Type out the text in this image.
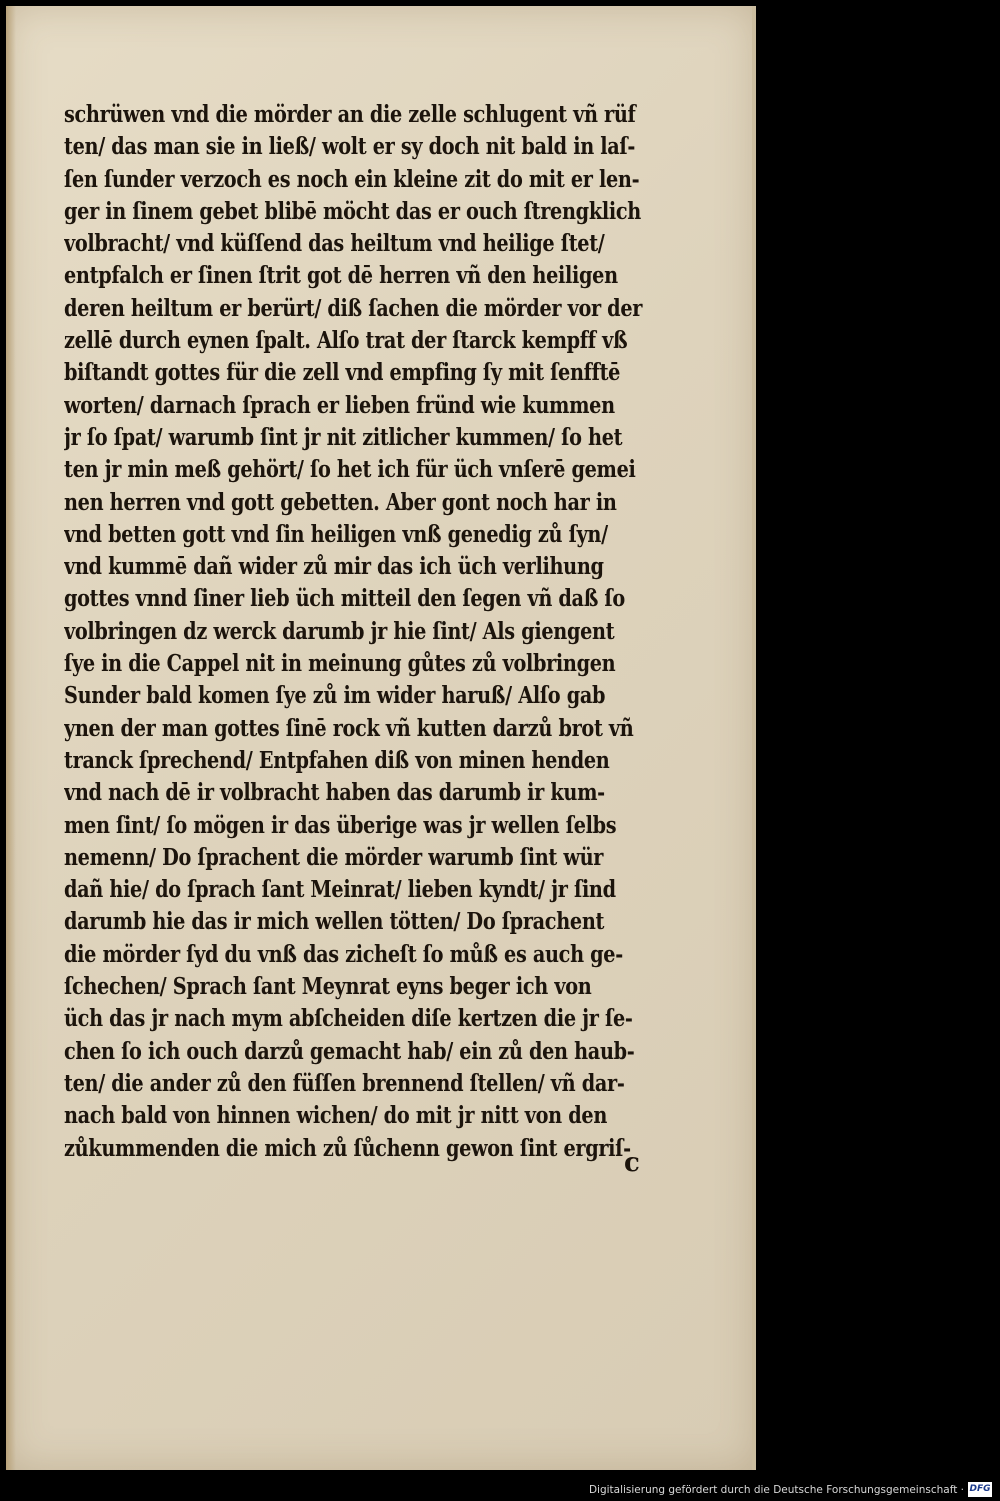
schrüwen vnd die mörder an die zelle schlugent vñ rüf
ten/ das man sie in ließ/ wolt er sy doch nit bald in laſ-
ſen ſunder verzoch es noch ein kleine zit do mit er len-
ger in ſinem gebet blibē möcht das er ouch ſtrengklich
volbracht/ vnd küſſend das heiltum vnd heilige ſtet/
entpfalch er ſinen ſtrit got dē herren vñ den heiligen
deren heiltum er berürt/ diß ſachen die mörder vor der
zellē durch eynen ſpalt. Alſo trat der ſtarck kempff vß
biſtandt gottes für die zell vnd empfing ſy mit ſenfftē
worten/ darnach ſprach er lieben fründ wie kummen
jr ſo ſpat/ warumb ſint jr nit zitlicher kummen/ ſo het
ten jr min meß gehört/ ſo het ich für üch vnſerē gemei
nen herren vnd gott gebetten. Aber gont noch har in
vnd betten gott vnd ſin heiligen vnß genedig zů ſyn/
vnd kummē dañ wider zů mir das ich üch verlihung
gottes vnnd ſiner lieb üch mitteil den ſegen vñ daß ſo
volbringen dz werck darumb jr hie ſint/ Als giengent
ſye in die Cappel nit in meinung gůtes zů volbringen
Sunder bald komen ſye zů im wider haruß/ Alſo gab
ynen der man gottes ſinē rock vñ kutten darzů brot vñ
tranck ſprechend/ Entpfahen diß von minen henden
vnd nach dē ir volbracht haben das darumb ir kum-
men ſint/ ſo mögen ir das überige was jr wellen ſelbs
nemenn/ Do ſprachent die mörder warumb ſint wür
dañ hie/ do ſprach ſant Meinrat/ lieben kyndt/ jr ſind
darumb hie das ir mich wellen tötten/ Do ſprachent
die mörder ſyd du vnß das zicheſt ſo můß es auch ge-
ſchechen/ Sprach ſant Meynrat eyns beger ich von
üch das jr nach mym abſcheiden diſe kertzen die jr ſe-
chen ſo ich ouch darzů gemacht hab/ ein zů den haub-
ten/ die ander zů den füſſen brennend ſtellen/ vñ dar-
nach bald von hinnen wichen/ do mit jr nitt von den
zůkummenden die mich zů ſůchenn gewon ſint ergriſ-
c
Digitalisierung gefördert durch die Deutsche Forschungsgemeinschaft · DFG
